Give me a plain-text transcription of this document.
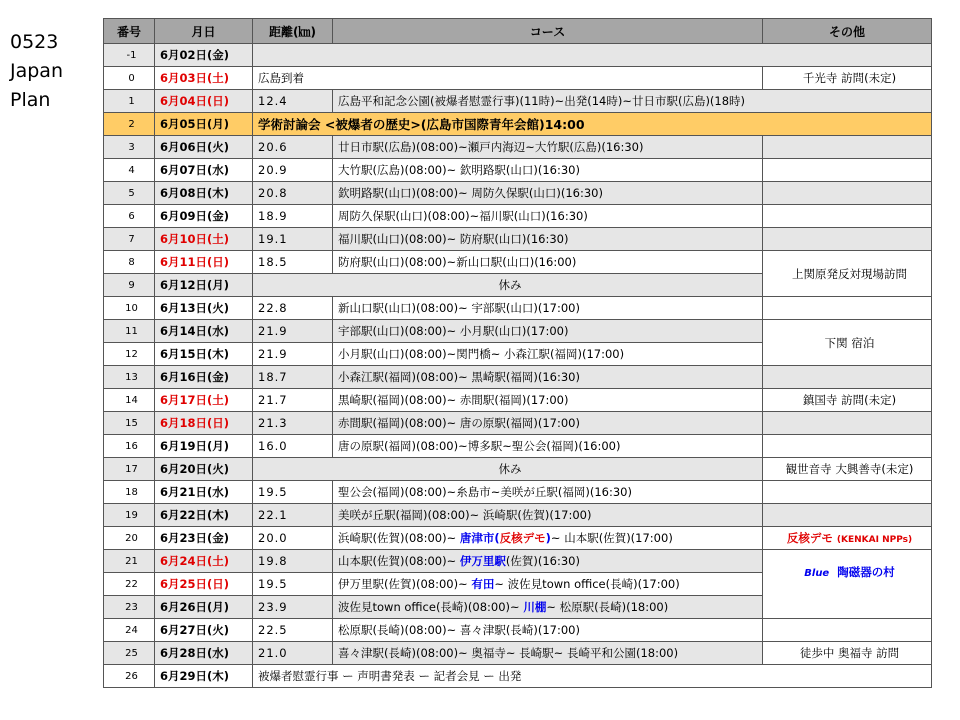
0523
Japan
Plan
番号	月日	距離(㎞)	コース	その他
-1	6月02日(金)			
0	6月03日(土)	広島到着		千光寺 訪問(未定)
1	6月04日(日)	12.4	広島平和記念公園(被爆者慰霊行事)(11時)~出発(14時)~廿日市駅(広島)(18時)	
2	6月05日(月)	学術討論会 <被爆者の歴史>(広島市国際青年会館)14:00		
3	6月06日(火)	20.6	廿日市駅(広島)(08:00)~瀬戸内海辺~大竹駅(広島)(16:30)	
4	6月07日(水)	20.9	大竹駅(広島)(08:00)~ 欽明路駅(山口)(16:30)	
5	6月08日(木)	20.8	欽明路駅(山口)(08:00)~ 周防久保駅(山口)(16:30)	
6	6月09日(金)	18.9	周防久保駅(山口)(08:00)~福川駅(山口)(16:30)	
7	6月10日(土)	19.1	福川駅(山口)(08:00)~ 防府駅(山口)(16:30)	
8	6月11日(日)	18.5	防府駅(山口)(08:00)~新山口駅(山口)(16:00)	上関原発反対現場訪問
9	6月12日(月)	休み		
10	6月13日(火)	22.8	新山口駅(山口)(08:00)~ 宇部駅(山口)(17:00)	
11	6月14日(水)	21.9	宇部駅(山口)(08:00)~ 小月駅(山口)(17:00)	下関 宿泊
12	6月15日(木)	21.9	小月駅(山口)(08:00)~関門橋~ 小森江駅(福岡)(17:00)	
13	6月16日(金)	18.7	小森江駅(福岡)(08:00)~ 黒崎駅(福岡)(16:30)	
14	6月17日(土)	21.7	黒崎駅(福岡)(08:00)~ 赤間駅(福岡)(17:00)	鎮国寺 訪問(未定)
15	6月18日(日)	21.3	赤間駅(福岡)(08:00)~ 唐の原駅(福岡)(17:00)	
16	6月19日(月)	16.0	唐の原駅(福岡)(08:00)~博多駅~聖公会(福岡)(16:00)	
17	6月20日(火)	休み		観世音寺 大興善寺(未定)
18	6月21日(水)	19.5	聖公会(福岡)(08:00)~糸島市~美咲が丘駅(福岡)(16:30)	
19	6月22日(木)	22.1	美咲が丘駅(福岡)(08:00)~ 浜崎駅(佐賀)(17:00)	
20	6月23日(金)	20.0	浜崎駅(佐賀)(08:00)~ 唐津市(反核デモ)~ 山本駅(佐賀)(17:00)	反核デモ (KENKAI NPPs)
21	6月24日(土)	19.8	山本駅(佐賀)(08:00)~ 伊万里駅(佐賀)(16:30)	Blue 陶磁器の村
22	6月25日(日)	19.5	伊万里駅(佐賀)(08:00)~ 有田~ 波佐見town office(長崎)(17:00)	
23	6月26日(月)	23.9	波佐見town office(長崎)(08:00)~ 川棚~ 松原駅(長崎)(18:00)	
24	6月27日(火)	22.5	松原駅(長崎)(08:00)~ 喜々津駅(長崎)(17:00)	
25	6月28日(水)	21.0	喜々津駅(長崎)(08:00)~ 奥福寺~ 長崎駅~ 長崎平和公園(18:00)	徒歩中 奥福寺 訪問
26	6月29日(木)	被爆者慰霊行事 ー 声明書発表 ー 記者会見 ー 出発		
